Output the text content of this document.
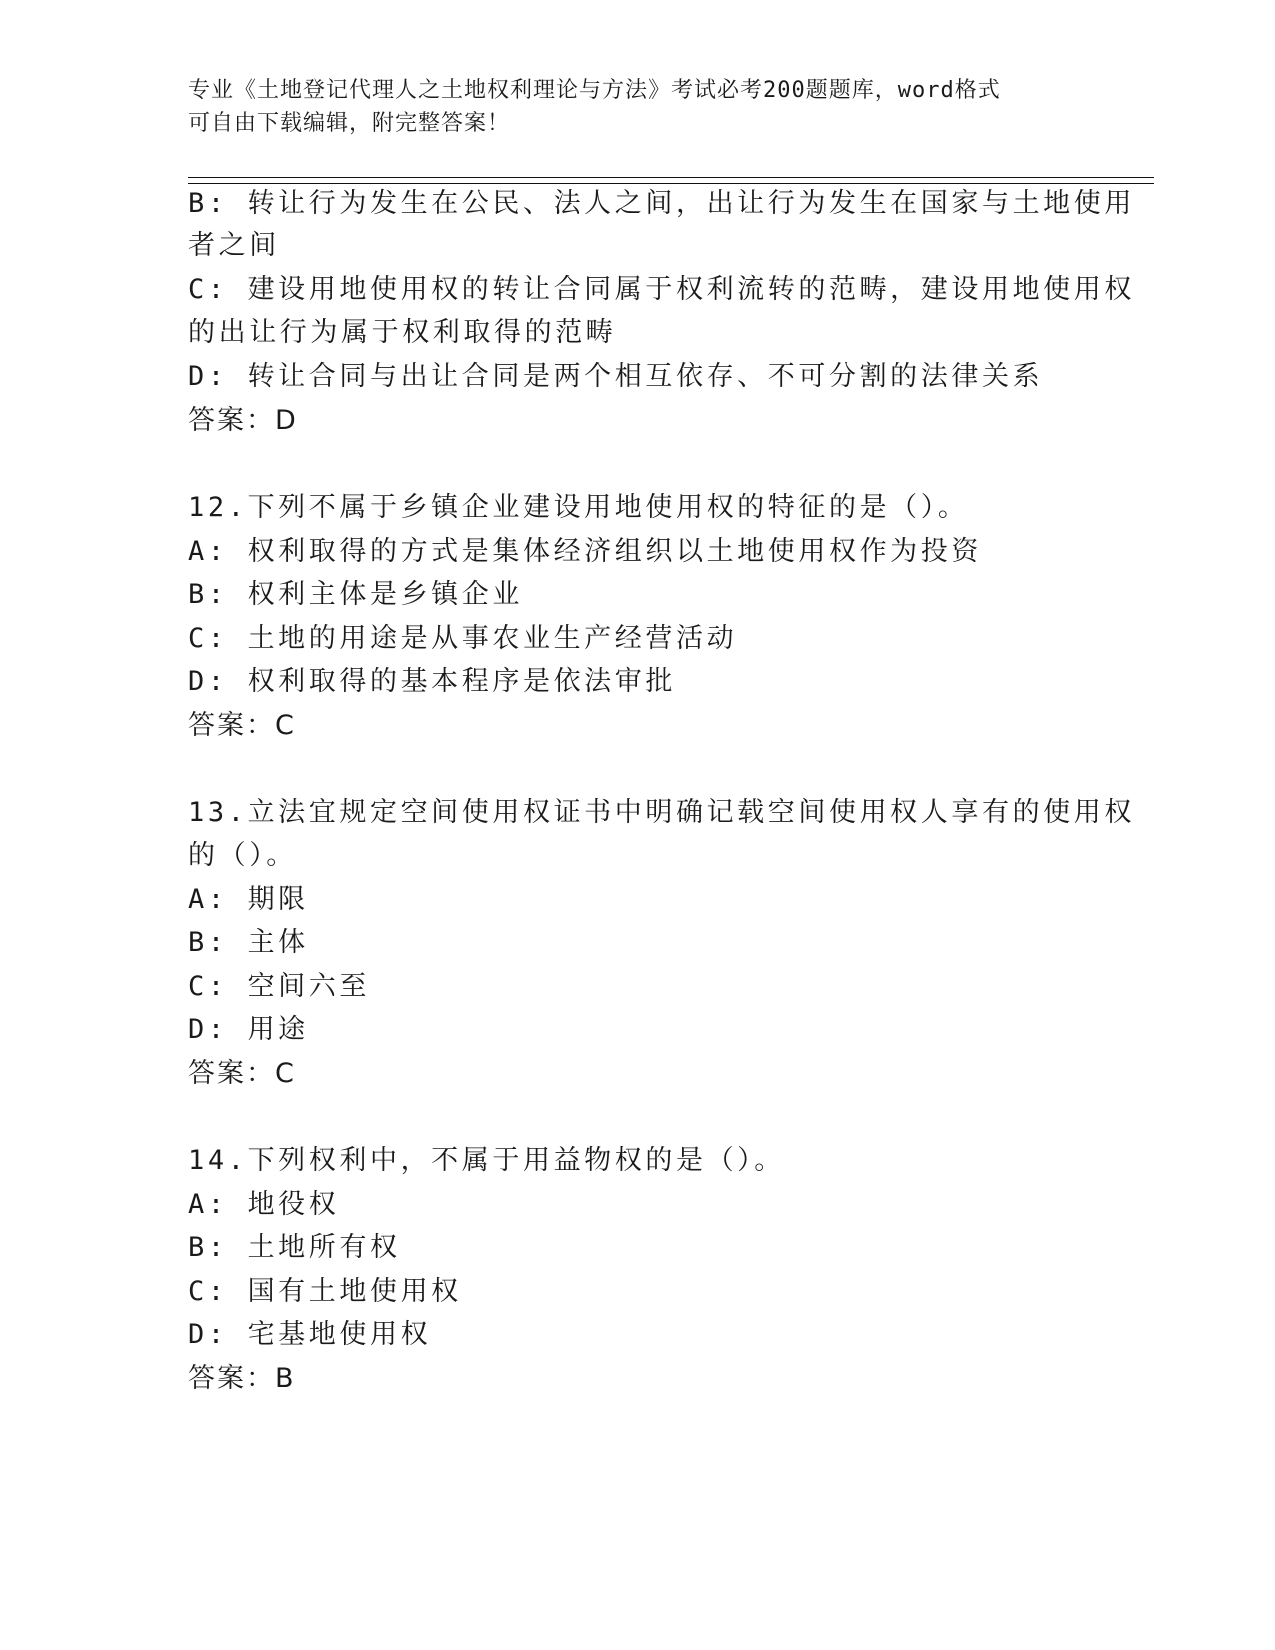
专业《土地登记代理人之土地权利理论与方法》考试必考200题题库，word格式
可自由下载编辑，附完整答案！
B: 转让行为发生在公民、法人之间，出让行为发生在国家与土地使用
者之间
C: 建设用地使用权的转让合同属于权利流转的范畴，建设用地使用权
的出让行为属于权利取得的范畴
D: 转让合同与出让合同是两个相互依存、不可分割的法律关系
答案：D
12.下列不属于乡镇企业建设用地使用权的特征的是（）。
A: 权利取得的方式是集体经济组织以土地使用权作为投资
B: 权利主体是乡镇企业
C: 土地的用途是从事农业生产经营活动
D: 权利取得的基本程序是依法审批
答案：C
13.立法宜规定空间使用权证书中明确记载空间使用权人享有的使用权
的（）。
A: 期限
B: 主体
C: 空间六至
D: 用途
答案：C
14.下列权利中，不属于用益物权的是（）。
A: 地役权
B: 土地所有权
C: 国有土地使用权
D: 宅基地使用权
答案：B
